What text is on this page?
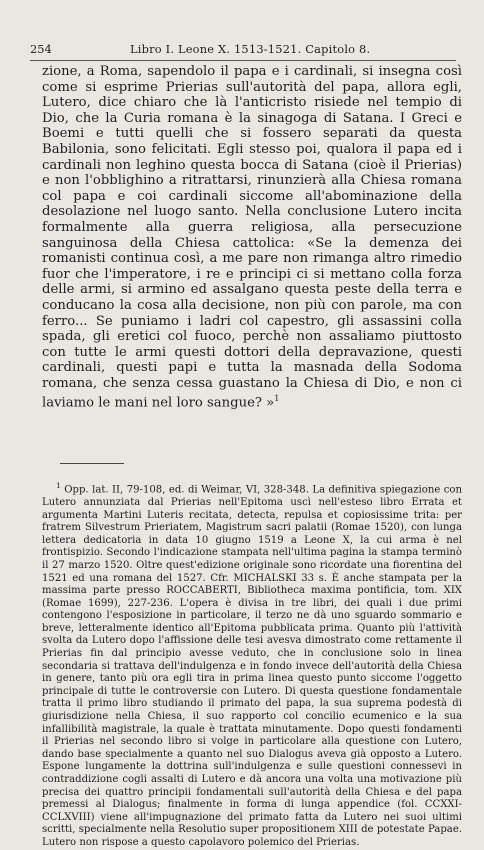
254	Libro I. Leone X. 1513-1521. Capitolo 8.

zione, a Roma, sapendolo il papa e i cardinali, si insegna così come si esprime Prierias sull'autorità del papa, allora egli, Lutero, dice chiaro che là l'anticristo risiede nel tempio di Dio, che la Curia romana è la sinagoga di Satana. I Greci e Boemi e tutti quelli che si fossero separati da questa Babilonia, sono felicitati. Egli stesso poi, qualora il papa ed i cardinali non leghino questa bocca di Satana (cioè il Prierias) e non l'obblighino a ritrattarsi, rinunzierà alla Chiesa romana col papa e coi cardinali siccome all'abominazione della desolazione nel luogo santo. Nella conclusione Lutero incita formalmente alla guerra religiosa, alla persecuzione sanguinosa della Chiesa cattolica: «Se la demenza dei romanisti continua così, a me pare non rimanga altro rimedio fuor che l'imperatore, i re e principi ci si mettano colla forza delle armi, si armino ed assalgano questa peste della terra e conducano la cosa alla decisione, non più con parole, ma con ferro... Se puniamo i ladri col capestro, gli assassini colla spada, gli eretici col fuoco, perchè non assaliamo piuttosto con tutte le armi questi dottori della depravazione, questi cardinali, questi papi e tutta la masnada della Sodoma romana, che senza cessa guastano la Chiesa di Dio, e non ci laviamo le mani nel loro sangue? »$^1$

$^1$ Opp. lat. II, 79-108, ed. di Weimar, VI, 328-348. La definitiva spiegazione con Lutero annunziata dal Prierias nell'Epitoma uscì nell'esteso libro Errata et argumenta Martini Luteris recitata, detecta, repulsa et copiosissime trita: per fratrem Silvestrum Prieriatem, Magistrum sacri palatii (Romae 1520), con lunga lettera dedicatoria in data 10 giugno 1519 a Leone X, la cui arma è nel frontispizio. Secondo l'indicazione stampata nell'ultima pagina la stampa terminò il 27 marzo 1520. Oltre quest'edizione originale sono ricordate una fiorentina del 1521 ed una romana del 1527. Cfr. MICHALSKI 33 s. È anche stampata per la massima parte presso ROCCABERTI, Bibliotheca maxima pontificia, tom. XIX (Romae 1699), 227-236. L'opera è divisa in tre libri, dei quali i due primi contengono l'esposizione in particolare, il terzo ne dà uno sguardo sommario e breve, letteralmente identico all'Epitoma pubblicata prima. Quanto più l'attività svolta da Lutero dopo l'affissione delle tesi avesva dimostrato come rettamente il Prierias fin dal principio avesse veduto, che in conclusione solo in linea secondaria si trattava dell'indulgenza e in fondo invece dell'autorità della Chiesa in genere, tanto più ora egli tira in prima linea questo punto siccome l'oggetto principale di tutte le controversie con Lutero. Di questa questione fondamentale tratta il primo libro studiando il primato del papa, la sua suprema podestà di giurisdizione nella Chiesa, il suo rapporto col concilio ecumenico e la sua infallibilità magistrale, la quale è trattata minutamente. Dopo questi fondamenti il Prierias nel secondo libro si volge in particolare alla questione con Lutero, dando base specialmente a quanto nel suo Dialogus aveva già opposto a Lutero. Espone lungamente la dottrina sull'indulgenza e sulle questioni connessevi in contraddizione cogli assalti di Lutero e dà ancora una volta una motivazione più precisa dei quattro principii fondamentali sull'autorità della Chiesa e del papa premessi al Dialogus; finalmente in forma di lunga appendice (fol. CCXXI-CCLXVIII) viene all'impugnazione del primato fatta da Lutero nei suoi ultimi scritti, specialmente nella Resolutio super propositionem XIII de potestate Papae. Lutero non rispose a questo capolavoro polemico del Prierias.
